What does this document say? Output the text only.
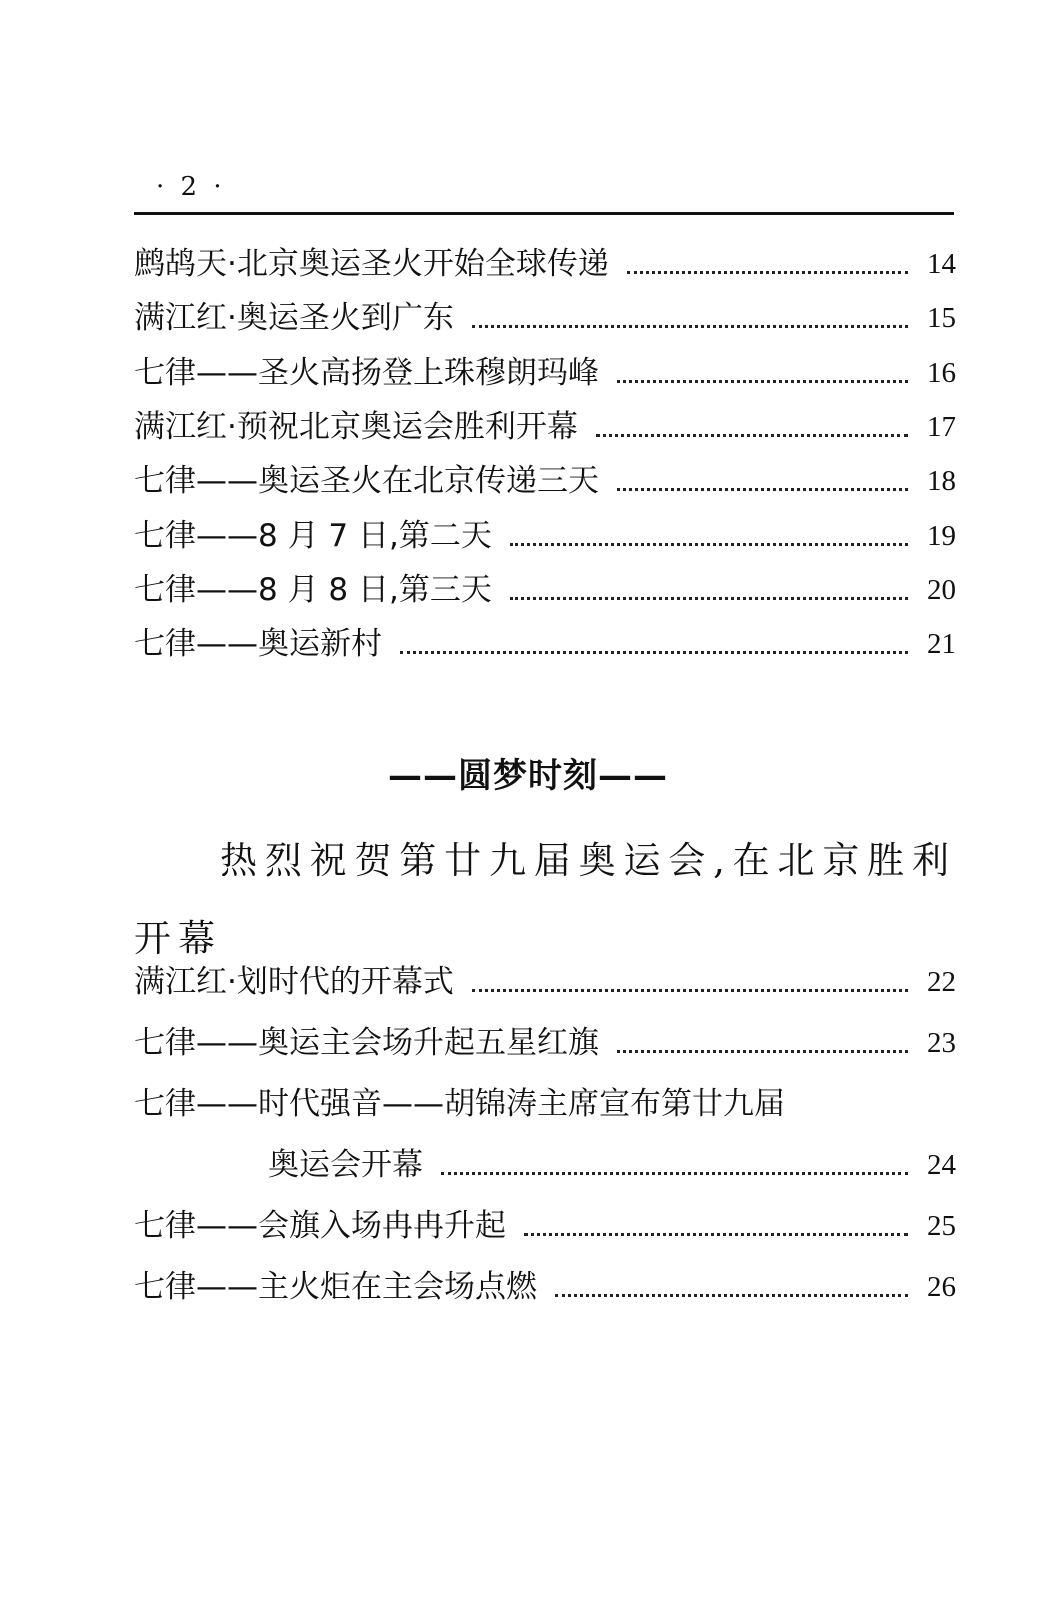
· 2 ·
鹧鸪天·北京奥运圣火开始全球传递	14
满江红·奥运圣火到广东	15
七律——圣火高扬登上珠穆朗玛峰	16
满江红·预祝北京奥运会胜利开幕	17
七律——奥运圣火在北京传递三天	18
七律——8 月 7 日,第二天	19
七律——8 月 8 日,第三天	20
七律——奥运新村	21
——圆梦时刻——
热烈祝贺第廿九届奥运会,在北京胜利开幕
满江红·划时代的开幕式	22
七律——奥运主会场升起五星红旗	23
七律——时代强音——胡锦涛主席宣布第廿九届
奥运会开幕	24
七律——会旗入场冉冉升起	25
七律——主火炬在主会场点燃	26
